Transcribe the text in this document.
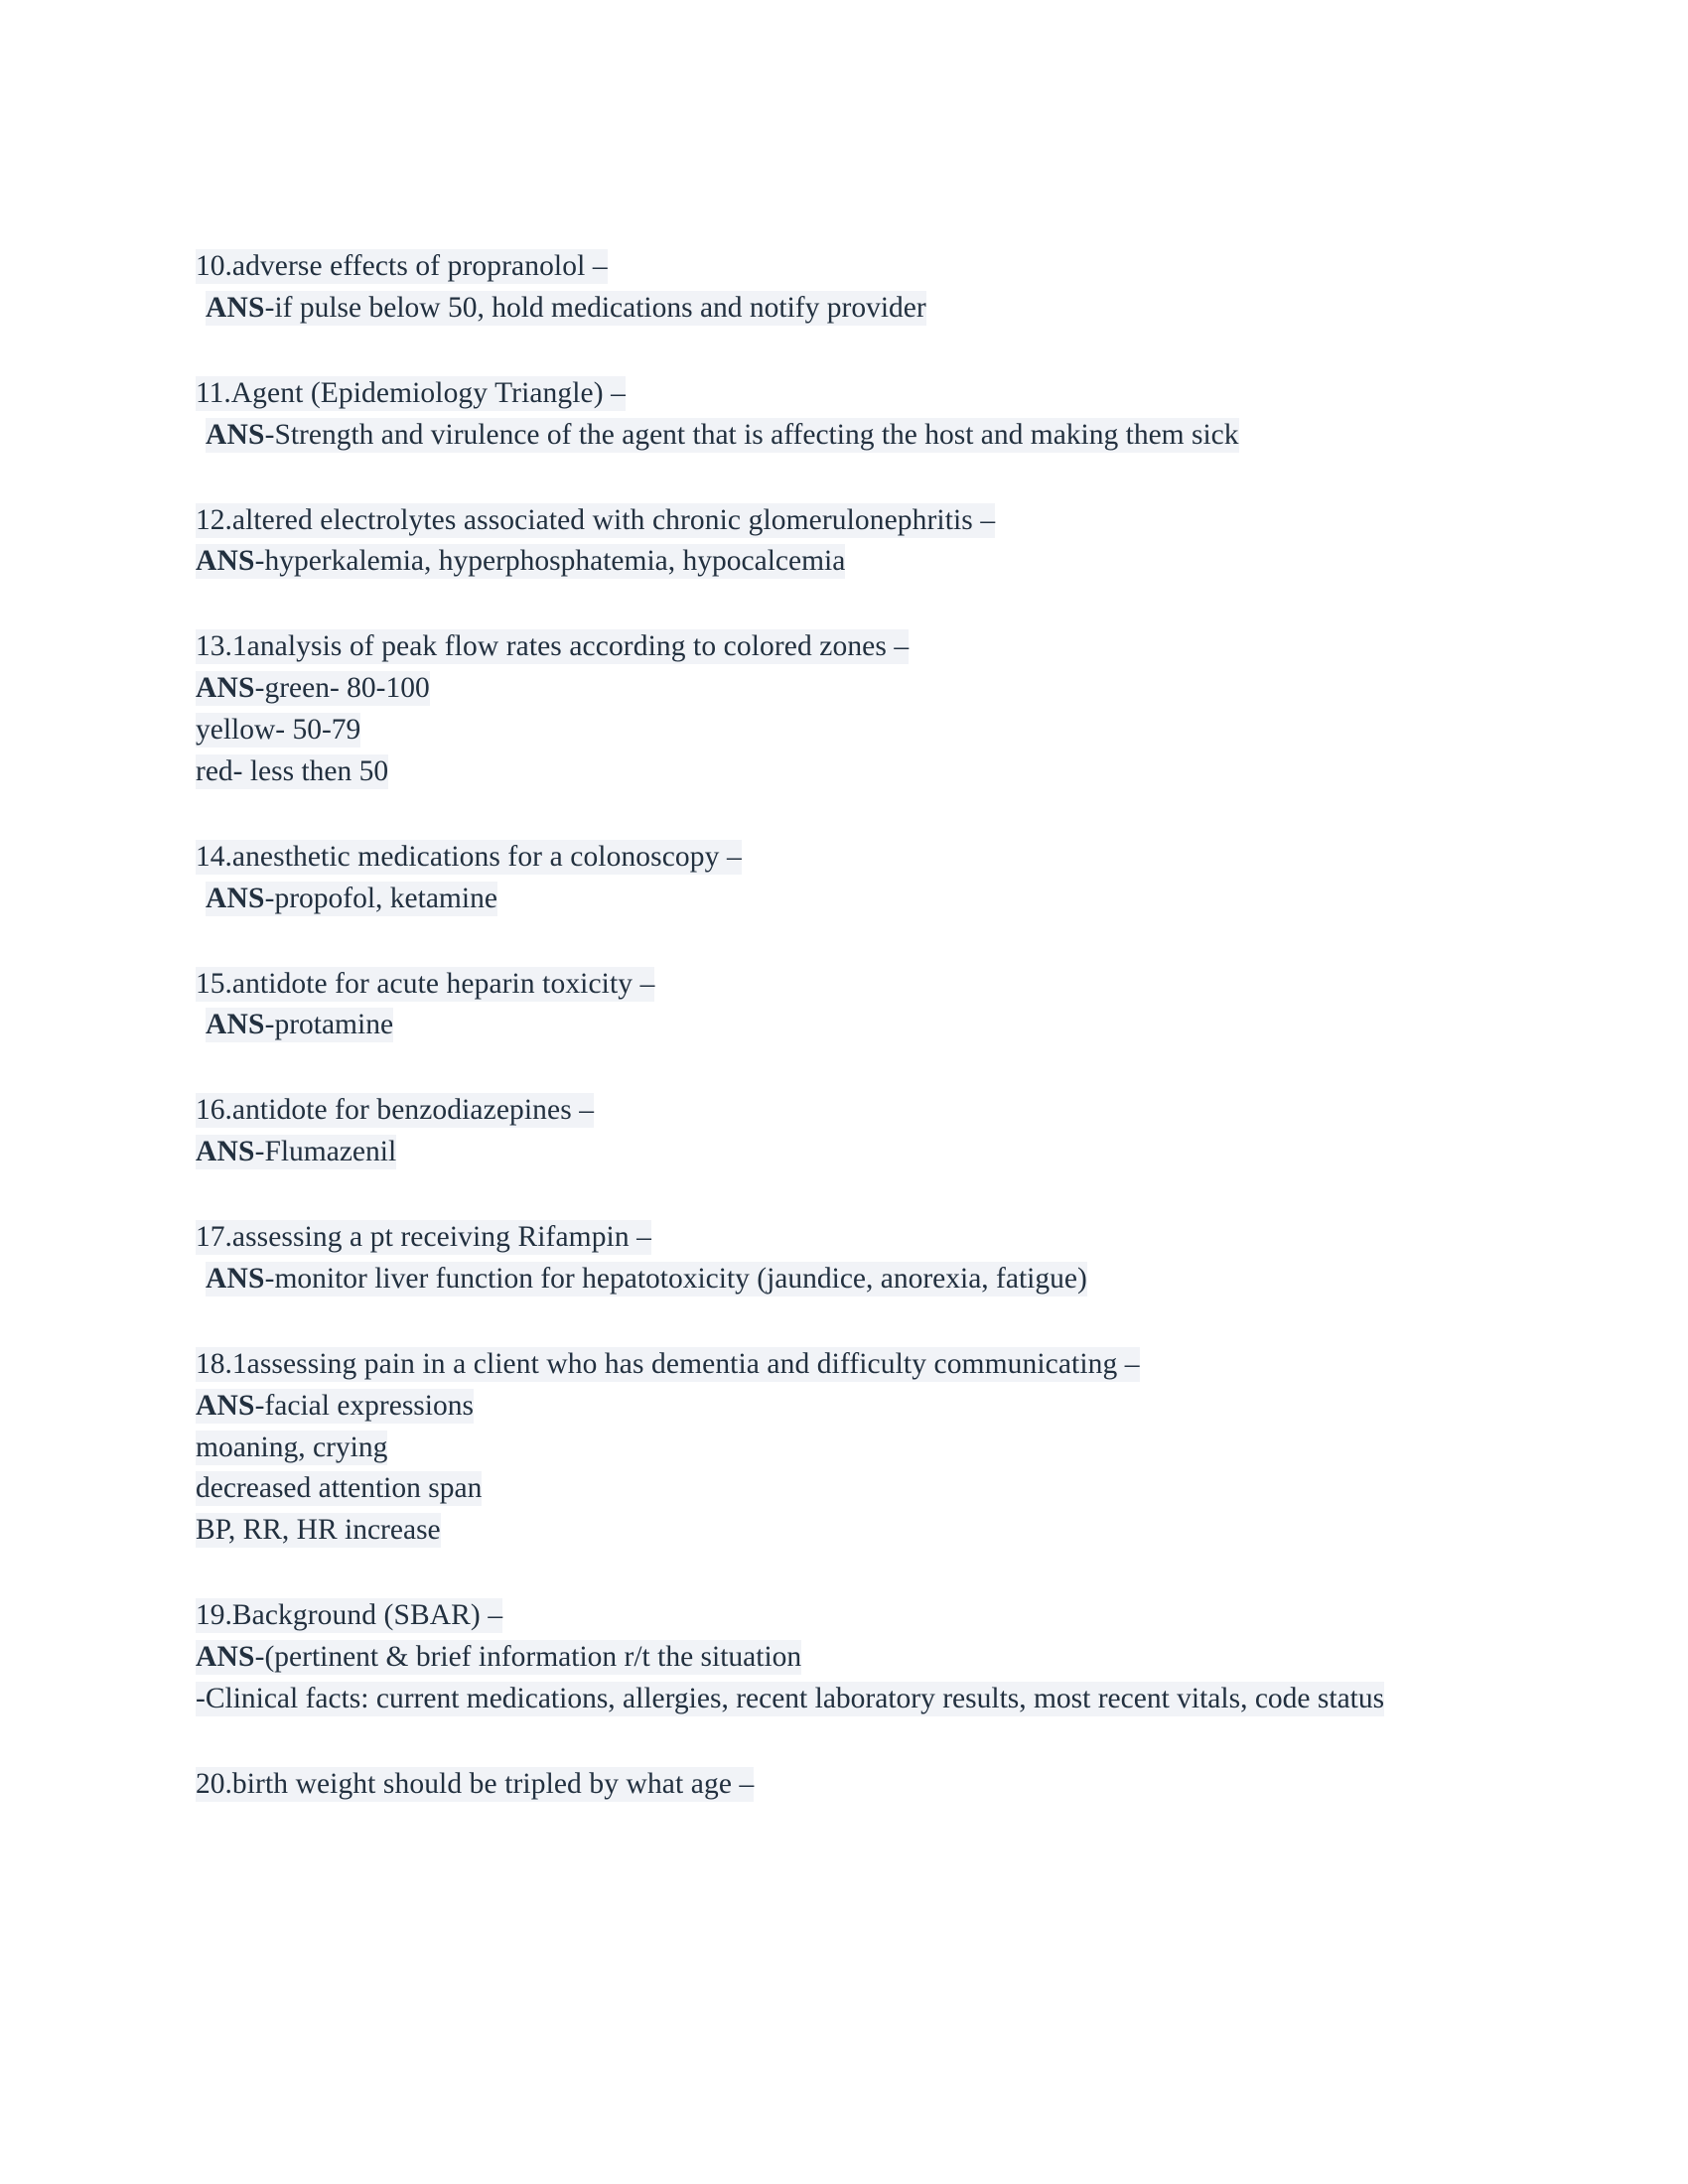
10.adverse effects of propranolol –
ANS-if pulse below 50, hold medications and notify provider
11.Agent (Epidemiology Triangle) –
ANS-Strength and virulence of the agent that is affecting the host and making them sick
12.altered electrolytes associated with chronic glomerulonephritis –
ANS-hyperkalemia, hyperphosphatemia, hypocalcemia
13.1analysis of peak flow rates according to colored zones –
ANS-green- 80-100
yellow- 50-79
red- less then 50
14.anesthetic medications for a colonoscopy –
ANS-propofol, ketamine
15.antidote for acute heparin toxicity –
ANS-protamine
16.antidote for benzodiazepines –
ANS-Flumazenil
17.assessing a pt receiving Rifampin –
ANS-monitor liver function for hepatotoxicity (jaundice, anorexia, fatigue)
18.1assessing pain in a client who has dementia and difficulty communicating –
ANS-facial expressions
moaning, crying
decreased attention span
BP, RR, HR increase
19.Background (SBAR) –
ANS-(pertinent & brief information r/t the situation
-Clinical facts: current medications, allergies, recent laboratory results, most recent vitals, code status
20.birth weight should be tripled by what age –
